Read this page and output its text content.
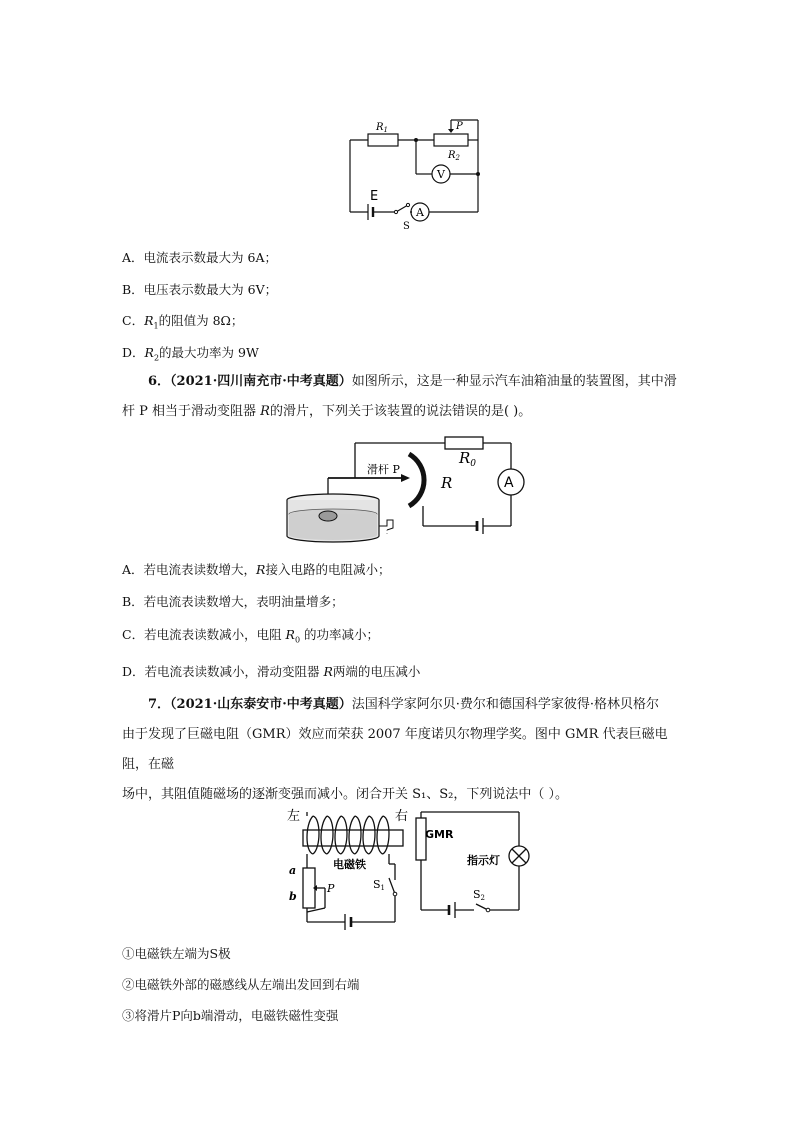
$R_1$
$R_2$
P
V
A
E
S
A．电流表示数最大为 6A；
B．电压表示数最大为 6V；
C．$R_1$的阻值为 8Ω；
D．$R_2$的最大功率为 9W
6．（2021·四川南充市·中考真题）如图所示，这是一种显示汽车油箱油量的装置图，其中滑
杆 P 相当于滑动变阻器 R的滑片，下列关于该装置的说法错误的是( )。
$R_0$
滑杆 P
R	A
A．若电流表读数增大，R接入电路的电阻减小；
B．若电流表读数增大，表明油量增多；
C．若电流表读数减小，电阻 $R_0$ 的功率减小；
D．若电流表读数减小，滑动变阻器 R两端的电压减小
7．（2021·山东泰安市·中考真题）法国科学家阿尔贝·费尔和德国科学家彼得·格林贝格尔
由于发现了巨磁电阻（GMR）效应而荣获 2007 年度诺贝尔物理学奖。图中 GMR 代表巨磁电阻，在磁
场中，其阻值随磁场的逐渐变强而减小。闭合开关 S₁、S₂，下列说法中（ ）。
左	右
GMR
电磁铁	指示灯
a
b
P	S1	S2
①电磁铁左端为S极
②电磁铁外部的磁感线从左端出发回到右端
③将滑片P向b端滑动，电磁铁磁性变强
